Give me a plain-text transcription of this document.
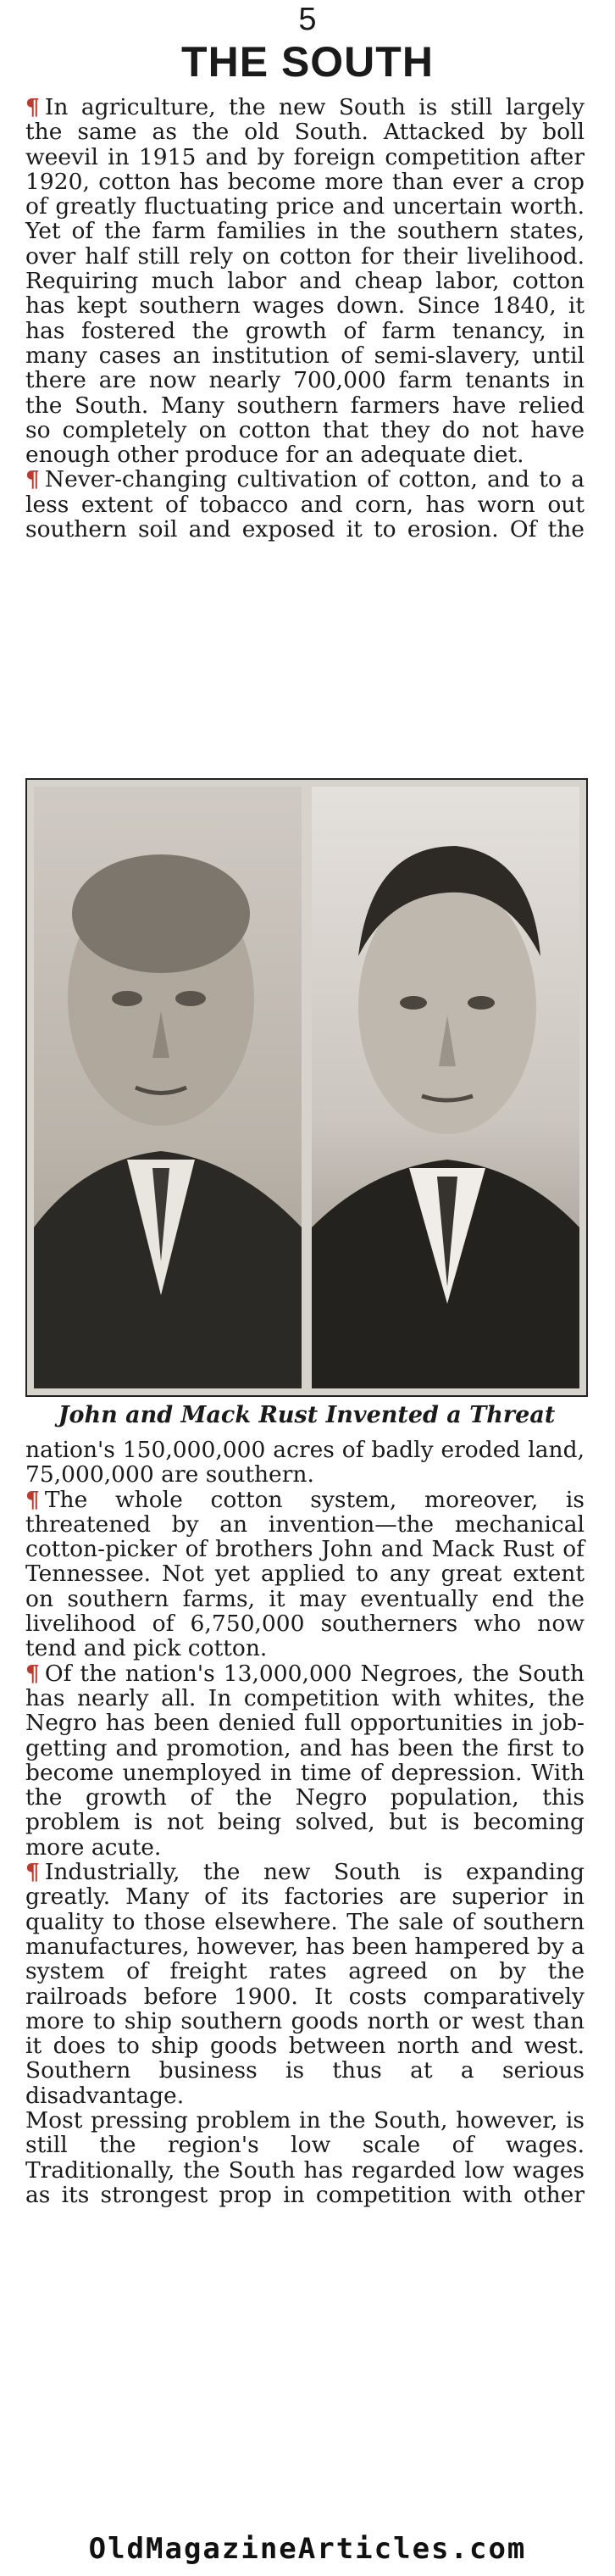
5
THE SOUTH

¶ In agriculture, the new South is still largely the same as the old South. Attacked by boll weevil in 1915 and by foreign competition after 1920, cotton has become more than ever a crop of greatly fluctuating price and uncertain worth. Yet of the farm families in the southern states, over half still rely on cotton for their livelihood. Requiring much labor and cheap labor, cotton has kept southern wages down. Since 1840, it has fostered the growth of farm tenancy, in many cases an institution of semi-slavery, until there are now nearly 700,000 farm tenants in the South. Many southern farmers have relied so completely on cotton that they do not have enough other produce for an adequate diet.

¶ Never-changing cultivation of cotton, and to a less extent of tobacco and corn, has worn out southern soil and exposed it to erosion. Of the

John and Mack Rust Invented a Threat

nation's 150,000,000 acres of badly eroded land, 75,000,000 are southern.

¶ The whole cotton system, moreover, is threatened by an invention—the mechanical cotton-picker of brothers John and Mack Rust of Tennessee. Not yet applied to any great extent on southern farms, it may eventually end the livelihood of 6,750,000 southerners who now tend and pick cotton.

¶ Of the nation's 13,000,000 Negroes, the South has nearly all. In competition with whites, the Negro has been denied full opportunities in job-getting and promotion, and has been the first to become unemployed in time of depression. With the growth of the Negro population, this problem is not being solved, but is becoming more acute.

¶ Industrially, the new South is expanding greatly. Many of its factories are superior in quality to those elsewhere. The sale of southern manufactures, however, has been hampered by a system of freight rates agreed on by the railroads before 1900. It costs comparatively more to ship southern goods north or west than it does to ship goods between north and west. Southern business is thus at a serious disadvantage.

Most pressing problem in the South, however, is still the region's low scale of wages. Traditionally, the South has regarded low wages as its strongest prop in competition with other

OldMagazineArticles.com
